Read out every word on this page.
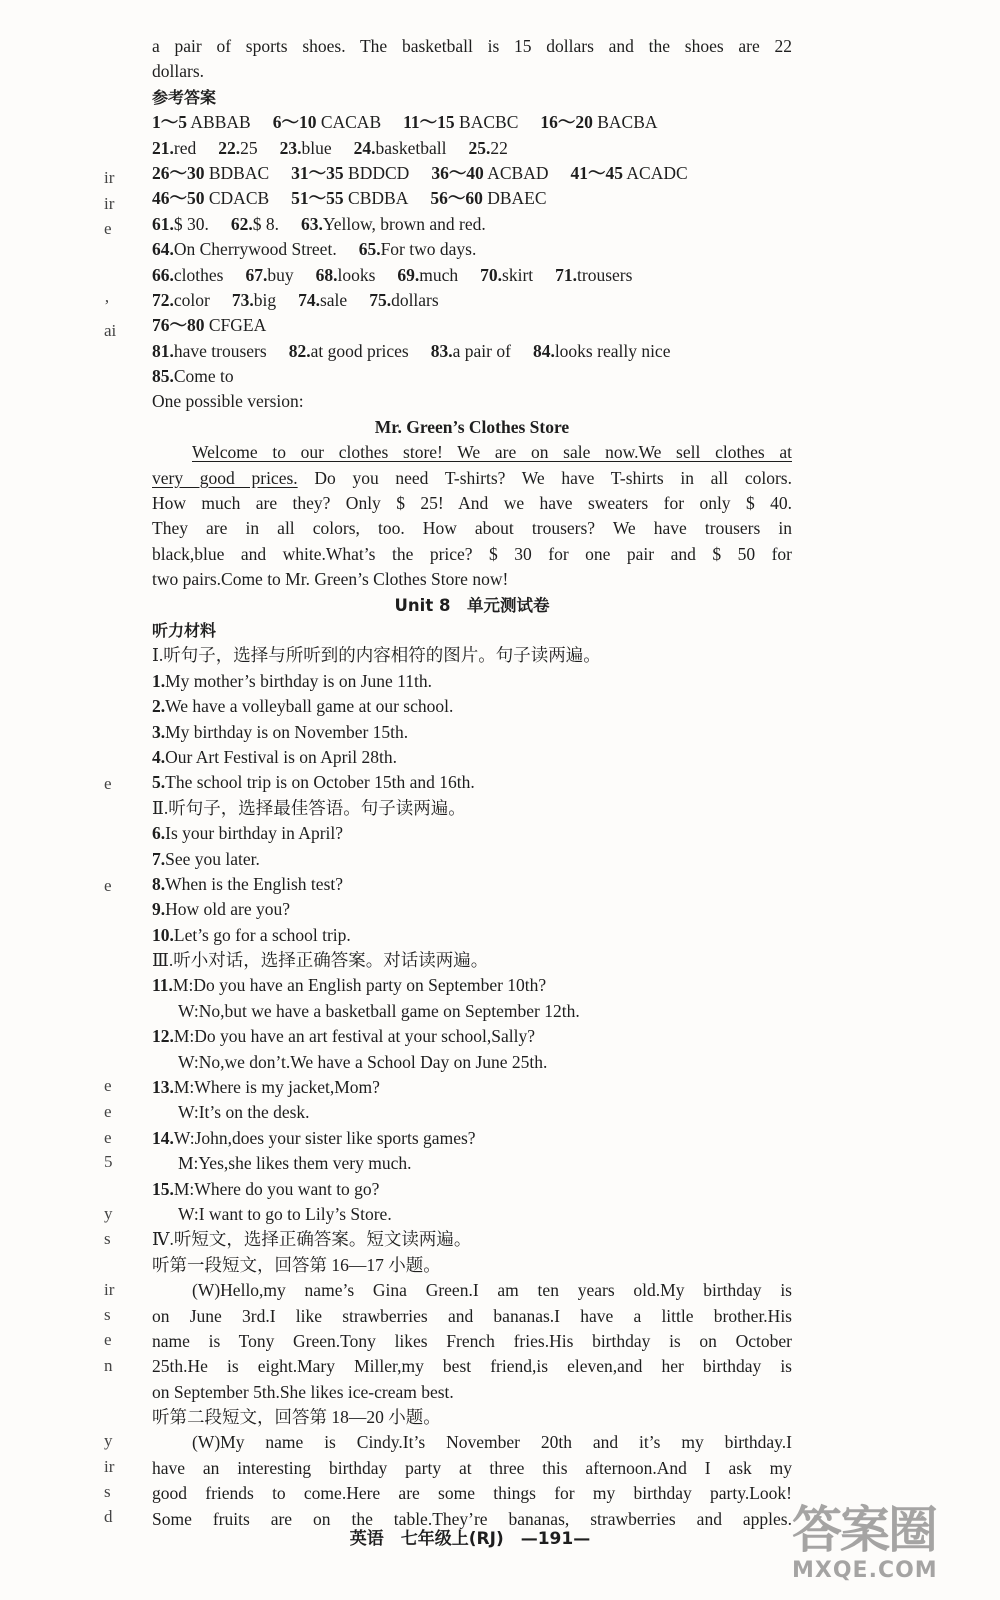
ir
ir
e
’
ai
e
e
e
e
e
5
y
s
ir
s
e
n
y
ir
s
d
a pair of sports shoes. The basketball is 15 dollars and the shoes are 22
dollars.
参考答案
1～5 ABBAB 6～10 CACAB 11～15 BACBC 16～20 BACBA
21.red 22.25 23.blue 24.basketball 25.22
26～30 BDBAC 31～35 BDDCD 36～40 ACBAD 41～45 ACADC
46～50 CDACB 51～55 CBDBA 56～60 DBAEC
61.$ 30. 62.$ 8. 63.Yellow, brown and red.
64.On Cherrywood Street. 65.For two days.
66.clothes 67.buy 68.looks 69.much 70.skirt 71.trousers
72.color 73.big 74.sale 75.dollars
76～80 CFGEA
81.have trousers 82.at good prices 83.a pair of 84.looks really nice
85.Come to
One possible version:
Mr. Green’s Clothes Store
Welcome to our clothes store! We are on sale now.We sell clothes at
very good prices. Do you need T-shirts? We have T-shirts in all colors.
How much are they? Only $ 25! And we have sweaters for only $ 40.
They are in all colors, too. How about trousers? We have trousers in
black,blue and white.What’s the price? $ 30 for one pair and $ 50 for
two pairs.Come to Mr. Green’s Clothes Store now!
Unit 8　单元测试卷
听力材料
Ⅰ.听句子，选择与所听到的内容相符的图片。句子读两遍。
1.My mother’s birthday is on June 11th.
2.We have a volleyball game at our school.
3.My birthday is on November 15th.
4.Our Art Festival is on April 28th.
5.The school trip is on October 15th and 16th.
Ⅱ.听句子，选择最佳答语。句子读两遍。
6.Is your birthday in April?
7.See you later.
8.When is the English test?
9.How old are you?
10.Let’s go for a school trip.
Ⅲ.听小对话，选择正确答案。对话读两遍。
11.M:Do you have an English party on September 10th?
W:No,but we have a basketball game on September 12th.
12.M:Do you have an art festival at your school,Sally?
W:No,we don’t.We have a School Day on June 25th.
13.M:Where is my jacket,Mom?
W:It’s on the desk.
14.W:John,does your sister like sports games?
M:Yes,she likes them very much.
15.M:Where do you want to go?
W:I want to go to Lily’s Store.
Ⅳ.听短文，选择正确答案。短文读两遍。
听第一段短文，回答第 16—17 小题。
(W)Hello,my name’s Gina Green.I am ten years old.My birthday is
on June 3rd.I like strawberries and bananas.I have a little brother.His
name is Tony Green.Tony likes French fries.His birthday is on October
25th.He is eight.Mary Miller,my best friend,is eleven,and her birthday is
on September 5th.She likes ice-cream best.
听第二段短文，回答第 18—20 小题。
(W)My name is Cindy.It’s November 20th and it’s my birthday.I
have an interesting birthday party at three this afternoon.And I ask my
good friends to come.Here are some things for my birthday party.Look!
Some fruits are on the table.They’re bananas, strawberries and apples.
英语　七年级上(RJ)　—191—	答案圈
MXQE.COM
